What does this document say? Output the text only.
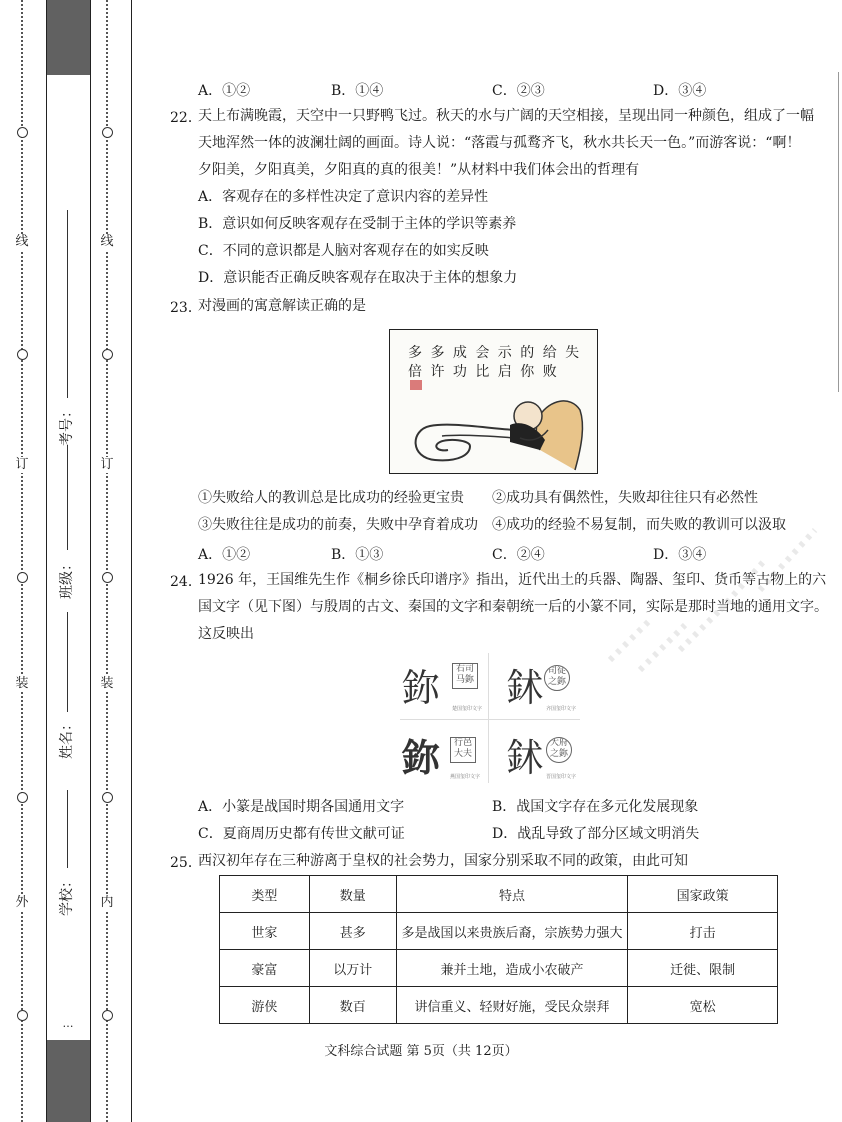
线
订
装
外
线
订
装
内
学校：
姓名：
班级：
考号：
…
A．①②	B．①④	C．②③	D．③④
22．
天上布满晚霞，天空中一只野鸭飞过。秋天的水与广阔的天空相接，呈现出同一种颜色，组成了一幅
天地浑然一体的波澜壮阔的画面。诗人说：“落霞与孤鹜齐飞，秋水共长天一色。”而游客说：“啊！
夕阳美，夕阳真美，夕阳真的真的很美！”从材料中我们体会出的哲理有
A．客观存在的多样性决定了意识内容的差异性
B．意识如何反映客观存在受制于主体的学识等素养
C．不同的意识都是人脑对客观存在的如实反映
D．意识能否正确反映客观存在取决于主体的想象力
23．
对漫画的寓意解读正确的是
多 多 成 会 示 的 给 失
倍 许 功 比 启 你 败
①失败给人的教训总是比成功的经验更宝贵 ②成功具有偶然性，失败却往往只有必然性
③失败往往是成功的前奏，失败中孕育着成功 ④成功的经验不易复制，而失败的教训可以汲取
A．①②	B．①③	C．②④	D．③④
24．
1926 年，王国维先生作《桐乡徐氏印谱序》指出，近代出土的兵器、陶器、玺印、货币等古物上的六
国文字（见下图）与殷周的古文、秦国的文字和秦朝统一后的小篆不同，实际是那时当地的通用文字。
这反映出
鉨	右司马鉨
楚国玺印文字 鉥 司徒之鉨
齐国玺印文字
鉨	行邑大夫
燕国玺印文字 鉥 大府之鉨
晋国玺印文字
A．小篆是战国时期各国通用文字	B．战国文字存在多元化发展现象
C．夏商周历史都有传世文献可证	D．战乱导致了部分区域文明消失
25．
西汉初年存在三种游离于皇权的社会势力，国家分别采取不同的政策，由此可知
类型	数量	特点	国家政策
世家	甚多	多是战国以来贵族后裔，宗族势力强大	打击
豪富	以万计	兼并土地，造成小农破产	迁徙、限制
游侠	数百	讲信重义、轻财好施，受民众崇拜	宽松
文科综合试题 第 5页（共 12页）
